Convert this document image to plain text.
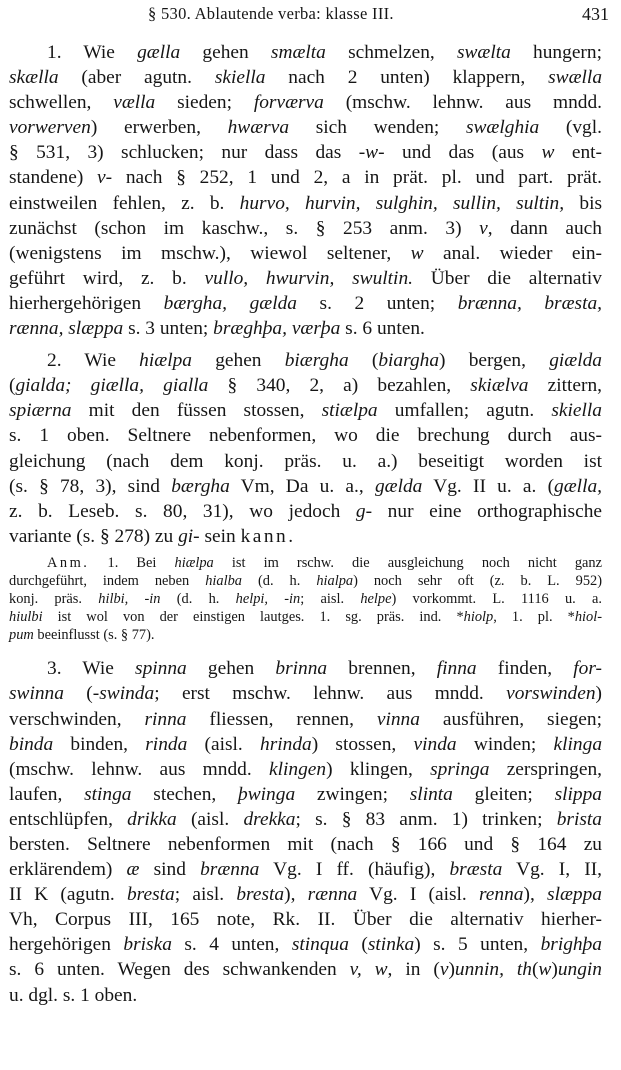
§ 530. Ablautende verba: klasse III.	431
1. Wie gælla gehen smælta schmelzen, swælta hungern;
skælla (aber agutn. skiella nach 2 unten) klappern, swælla
schwellen, vælla sieden; forværva (mschw. lehnw. aus mndd.
vorwerven) erwerben, hwærva sich wenden; swælghia (vgl.
§ 531, 3) schlucken; nur dass das -w- und das (aus w ent-
standene) v- nach § 252, 1 und 2, a in prät. pl. und part. prät.
einstweilen fehlen, z. b. hurvo, hurvin, sulghin, sullin, sultin, bis
zunächst (schon im kaschw., s. § 253 anm. 3) v, dann auch
(wenigstens im mschw.), wiewol seltener, w anal. wieder ein-
geführt wird, z. b. vullo, hwurvin, swultin. Über die alternativ
hierhergehörigen bærgha, gælda s. 2 unten; brænna, bræsta,
rænna, slæppa s. 3 unten; bræghþa, værþa s. 6 unten.
2. Wie hiælpa gehen biærgha (biargha) bergen, giælda
(gialda; giælla, gialla § 340, 2, a) bezahlen, skiælva zittern,
spiærna mit den füssen stossen, stiælpa umfallen; agutn. skiella
s. 1 oben. Seltnere nebenformen, wo die brechung durch aus-
gleichung (nach dem konj. präs. u. a.) beseitigt worden ist
(s. § 78, 3), sind bærgha Vm, Da u. a., gælda Vg. II u. a. (gælla,
z. b. Leseb. s. 80, 31), wo jedoch g- nur eine orthographische
variante (s. § 278) zu gi- sein kann.
Anm. 1. Bei hiælpa ist im rschw. die ausgleichung noch nicht ganz
durchgeführt, indem neben hialba (d. h. hialpa) noch sehr oft (z. b. L. 952)
konj. präs. hilbi, -in (d. h. helpi, -in; aisl. helpe) vorkommt. L. 1116 u. a.
hiulbi ist wol von der einstigen lautges. 1. sg. präs. ind. *hiolp, 1. pl. *hiol-
pum beeinflusst (s. § 77).
3. Wie spinna gehen brinna brennen, finna finden, for-
swinna (-swinda; erst mschw. lehnw. aus mndd. vorswinden)
verschwinden, rinna fliessen, rennen, vinna ausführen, siegen;
binda binden, rinda (aisl. hrinda) stossen, vinda winden; klinga
(mschw. lehnw. aus mndd. klingen) klingen, springa zerspringen,
laufen, stinga stechen, þwinga zwingen; slinta gleiten; slippa
entschlüpfen, drikka (aisl. drekka; s. § 83 anm. 1) trinken; brista
bersten. Seltnere nebenformen mit (nach § 166 und § 164 zu
erklärendem) æ sind brænna Vg. I ff. (häufig), bræsta Vg. I, II,
II K (agutn. bresta; aisl. bresta), rænna Vg. I (aisl. renna), slæppa
Vh, Corpus III, 165 note, Rk. II. Über die alternativ hierher-
hergehörigen briska s. 4 unten, stinqua (stinka) s. 5 unten, brighþa
s. 6 unten. Wegen des schwankenden v, w, in (v)unnin, th(w)ungin
u. dgl. s. 1 oben.
